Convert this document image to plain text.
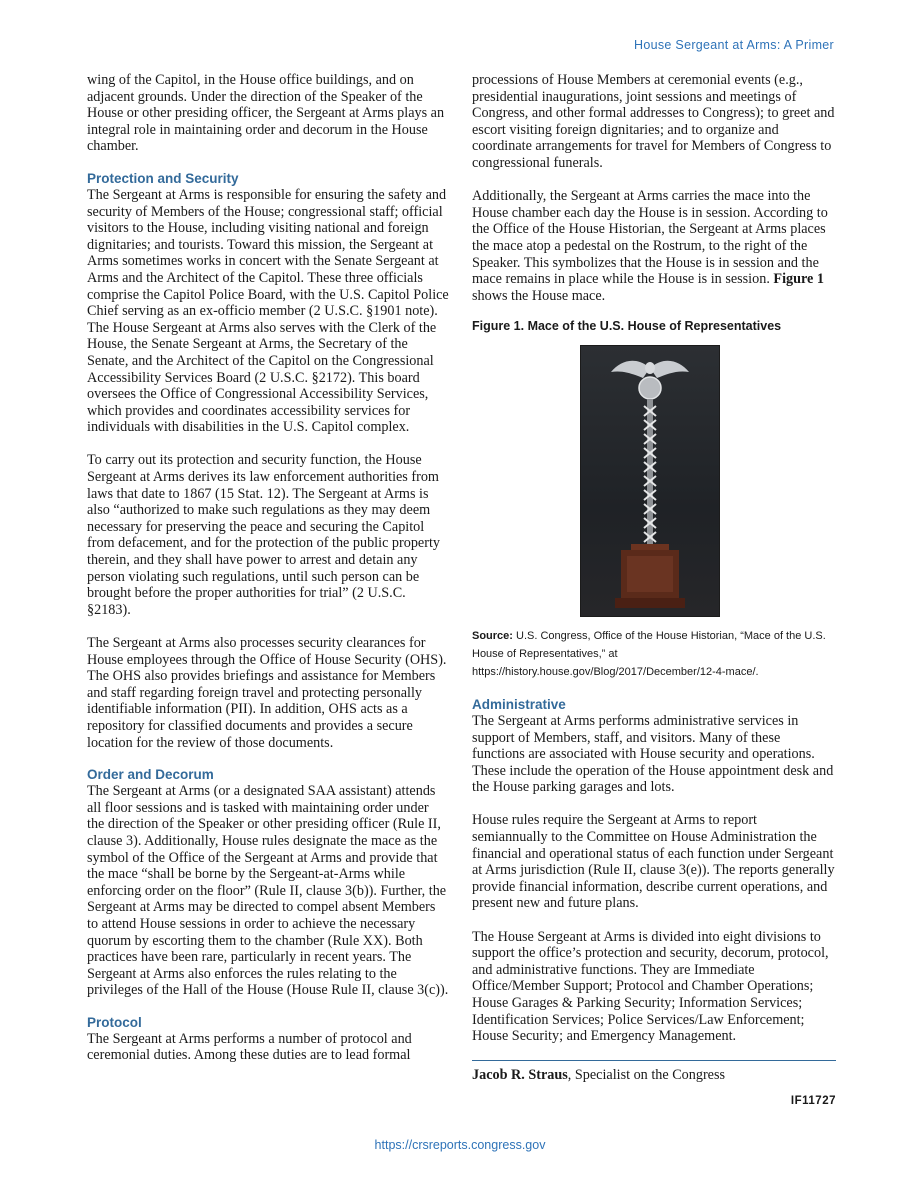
House Sergeant at Arms: A Primer

wing of the Capitol, in the House office buildings, and on adjacent grounds. Under the direction of the Speaker of the House or other presiding officer, the Sergeant at Arms plays an integral role in maintaining order and decorum in the House chamber.

Protection and Security

The Sergeant at Arms is responsible for ensuring the safety and security of Members of the House; congressional staff; official visitors to the House, including visiting national and foreign dignitaries; and tourists. Toward this mission, the Sergeant at Arms sometimes works in concert with the Senate Sergeant at Arms and the Architect of the Capitol. These three officials comprise the Capitol Police Board, with the U.S. Capitol Police Chief serving as an ex-officio member (2 U.S.C. §1901 note). The House Sergeant at Arms also serves with the Clerk of the House, the Senate Sergeant at Arms, the Secretary of the Senate, and the Architect of the Capitol on the Congressional Accessibility Services Board (2 U.S.C. §2172). This board oversees the Office of Congressional Accessibility Services, which provides and coordinates accessibility services for individuals with disabilities in the U.S. Capitol complex.

To carry out its protection and security function, the House Sergeant at Arms derives its law enforcement authorities from laws that date to 1867 (15 Stat. 12). The Sergeant at Arms is also “authorized to make such regulations as they may deem necessary for preserving the peace and securing the Capitol from defacement, and for the protection of the public property therein, and they shall have power to arrest and detain any person violating such regulations, until such person can be brought before the proper authorities for trial” (2 U.S.C. §2183).

The Sergeant at Arms also processes security clearances for House employees through the Office of House Security (OHS). The OHS also provides briefings and assistance for Members and staff regarding foreign travel and protecting personally identifiable information (PII). In addition, OHS acts as a repository for classified documents and provides a secure location for the review of those documents.

Order and Decorum

The Sergeant at Arms (or a designated SAA assistant) attends all floor sessions and is tasked with maintaining order under the direction of the Speaker or other presiding officer (Rule II, clause 3). Additionally, House rules designate the mace as the symbol of the Office of the Sergeant at Arms and provide that the mace “shall be borne by the Sergeant-at-Arms while enforcing order on the floor” (Rule II, clause 3(b)). Further, the Sergeant at Arms may be directed to compel absent Members to attend House sessions in order to achieve the necessary quorum by escorting them to the chamber (Rule XX). Both practices have been rare, particularly in recent years. The Sergeant at Arms also enforces the rules relating to the privileges of the Hall of the House (House Rule II, clause 3(c)).

Protocol

The Sergeant at Arms performs a number of protocol and ceremonial duties. Among these duties are to lead formal

processions of House Members at ceremonial events (e.g., presidential inaugurations, joint sessions and meetings of Congress, and other formal addresses to Congress); to greet and escort visiting foreign dignitaries; and to organize and coordinate arrangements for travel for Members of Congress to congressional funerals.

Additionally, the Sergeant at Arms carries the mace into the House chamber each day the House is in session. According to the Office of the House Historian, the Sergeant at Arms places the mace atop a pedestal on the Rostrum, to the right of the Speaker. This symbolizes that the House is in session and the mace remains in place while the House is in session. Figure 1 shows the House mace.

Figure 1. Mace of the U.S. House of Representatives
Source: U.S. Congress, Office of the House Historian, “Mace of the U.S. House of Representatives,” at https://history.house.gov/Blog/2017/December/12-4-mace/.
Administrative

The Sergeant at Arms performs administrative services in support of Members, staff, and visitors. Many of these functions are associated with House security and operations. These include the operation of the House appointment desk and the House parking garages and lots.

House rules require the Sergeant at Arms to report semiannually to the Committee on House Administration the financial and operational status of each function under Sergeant at Arms jurisdiction (Rule II, clause 3(e)). The reports generally provide financial information, describe current operations, and present new and future plans.

The House Sergeant at Arms is divided into eight divisions to support the office’s protection and security, decorum, protocol, and administrative functions. They are Immediate Office/Member Support; Protocol and Chamber Operations; House Garages & Parking Security; Information Services; Identification Services; Police Services/Law Enforcement; House Security; and Emergency Management.

Jacob R. Straus, Specialist on the Congress
IF11727
https://crsreports.congress.gov
